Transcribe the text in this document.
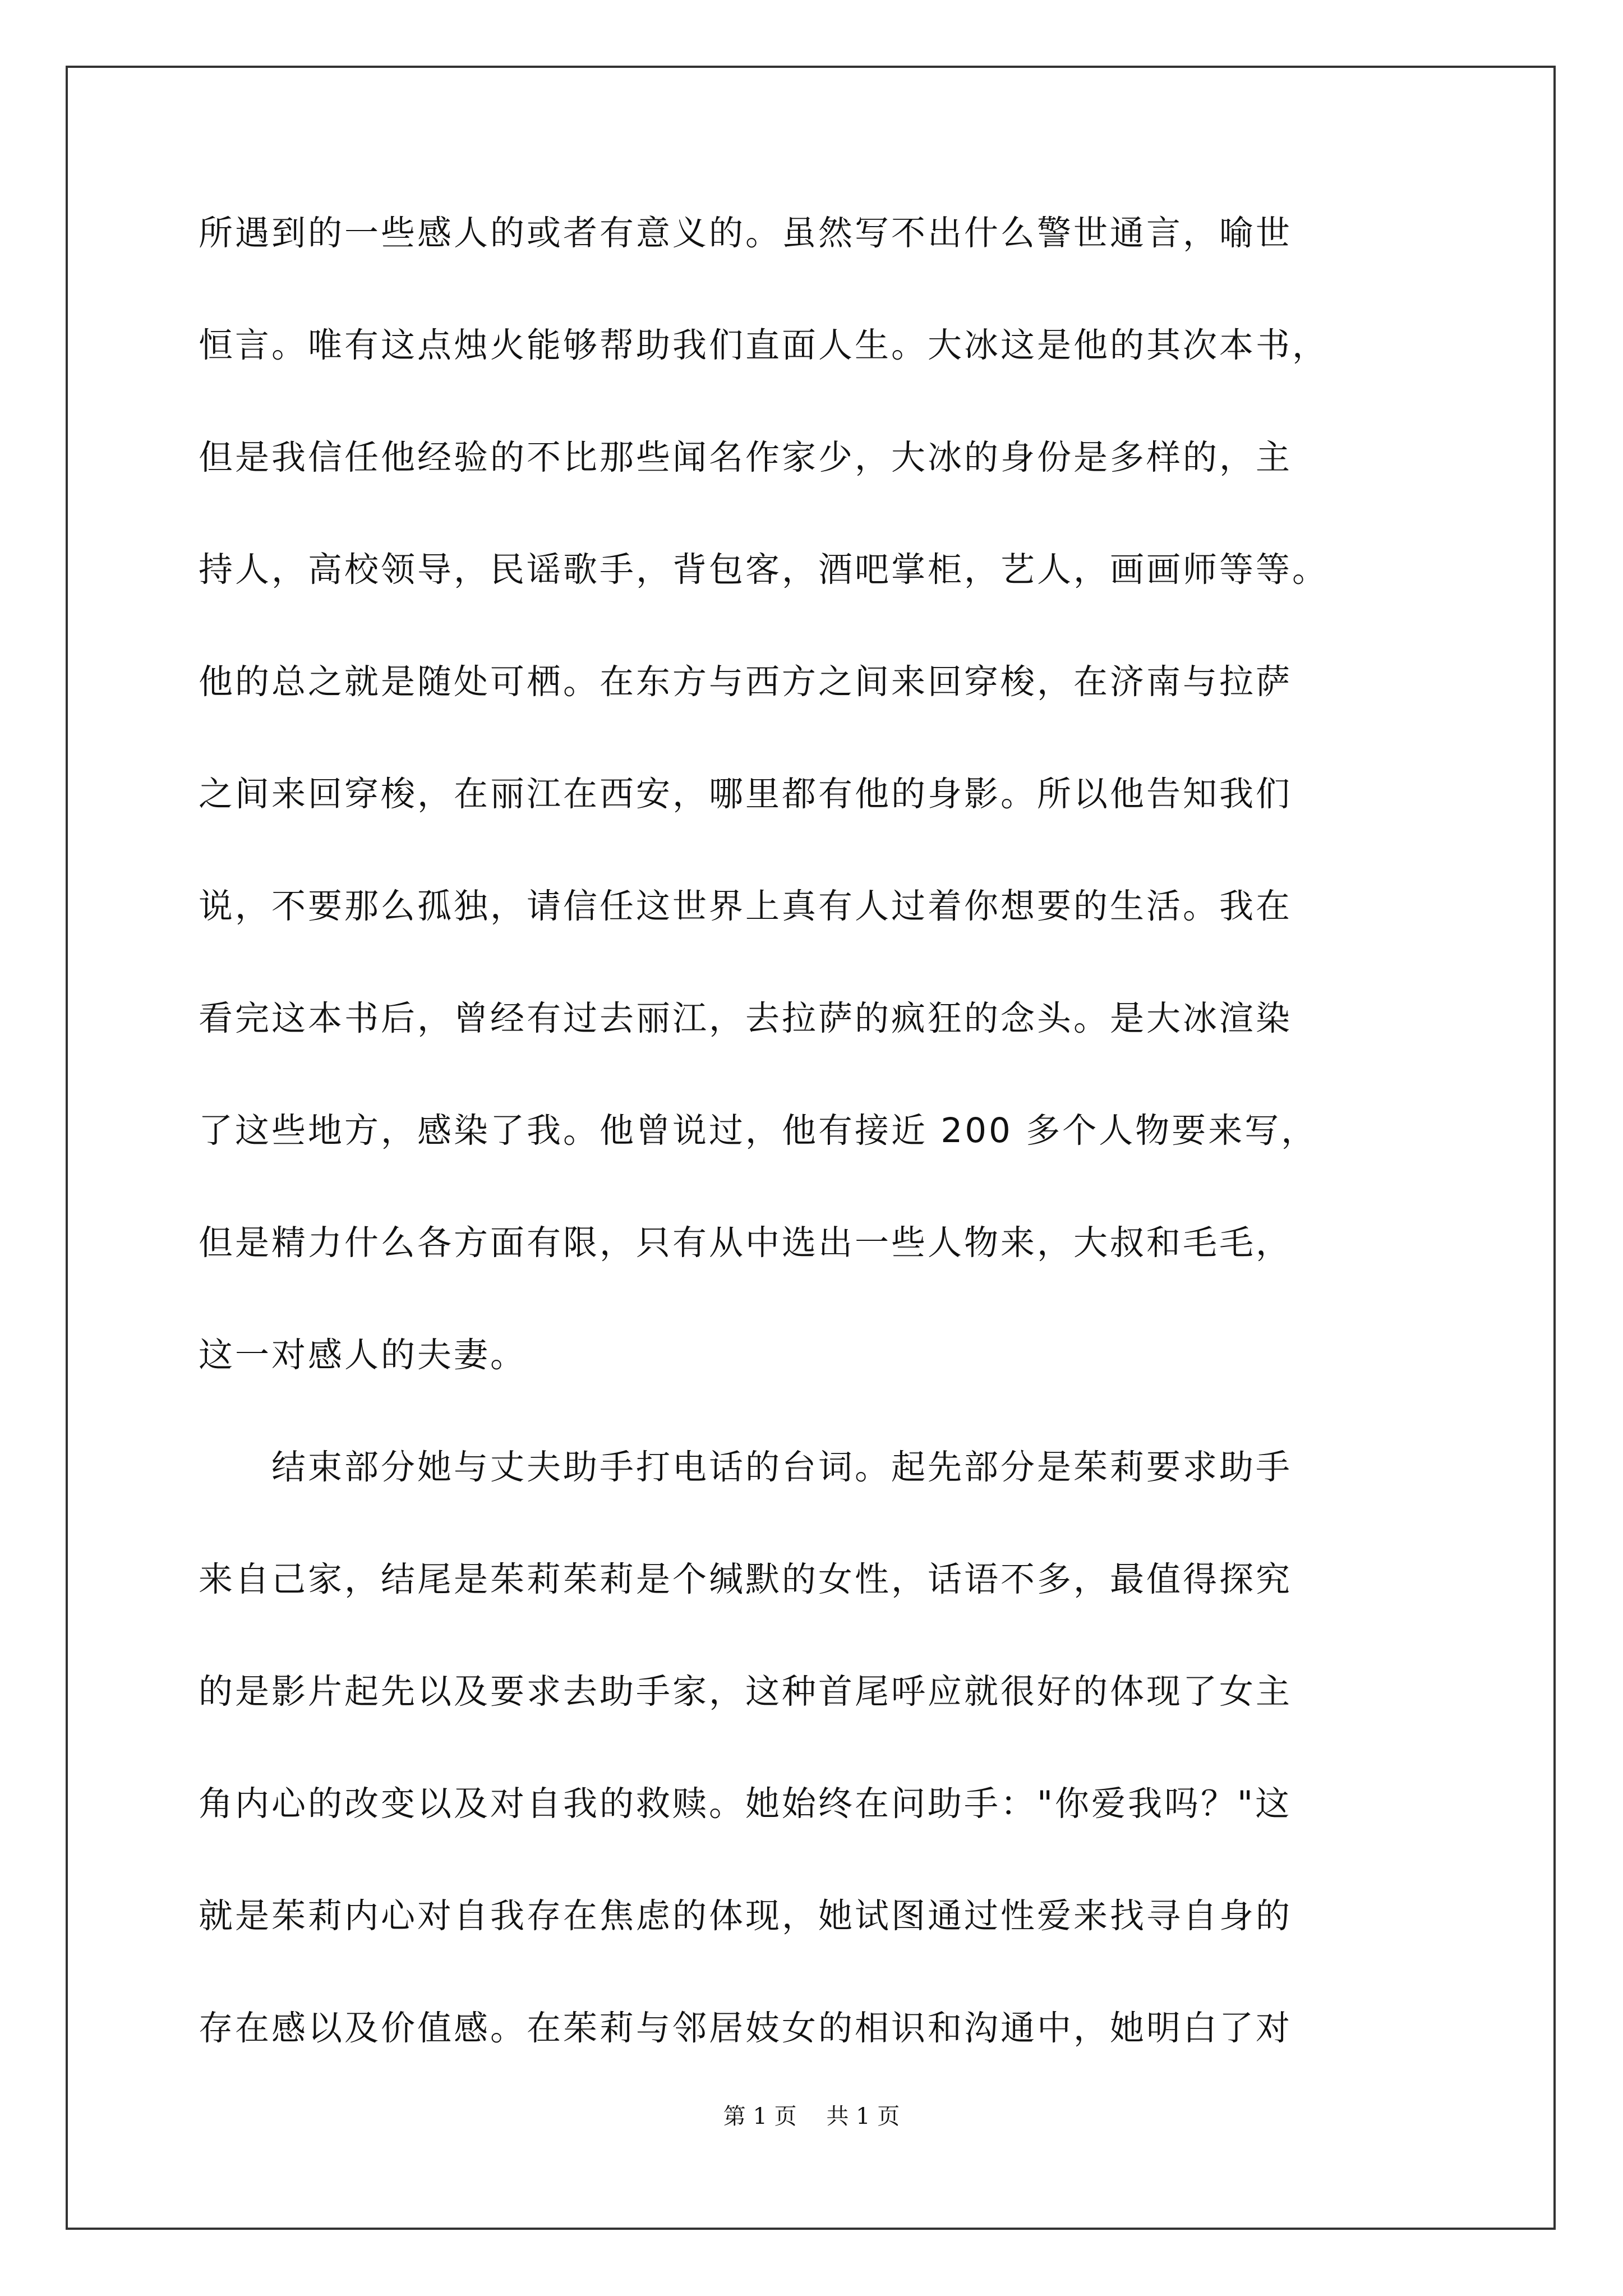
所遇到的一些感人的或者有意义的。虽然写不出什么警世通言，喻世
恒言。唯有这点烛火能够帮助我们直面人生。大冰这是他的其次本书，
但是我信任他经验的不比那些闻名作家少，大冰的身份是多样的，主
持人，高校领导，民谣歌手，背包客，酒吧掌柜，艺人，画画师等等。
他的总之就是随处可栖。在东方与西方之间来回穿梭，在济南与拉萨
之间来回穿梭，在丽江在西安，哪里都有他的身影。所以他告知我们
说，不要那么孤独，请信任这世界上真有人过着你想要的生活。我在
看完这本书后，曾经有过去丽江，去拉萨的疯狂的念头。是大冰渲染
了这些地方，感染了我。他曾说过，他有接近 200 多个人物要来写，
但是精力什么各方面有限，只有从中选出一些人物来，大叔和毛毛，
这一对感人的夫妻。
结束部分她与丈夫助手打电话的台词。起先部分是茱莉要求助手
来自己家，结尾是茱莉茱莉是个缄默的女性，话语不多，最值得探究
的是影片起先以及要求去助手家，这种首尾呼应就很好的体现了女主
角内心的改变以及对自我的救赎。她始终在问助手："你爱我吗？"这
就是茱莉内心对自我存在焦虑的体现，她试图通过性爱来找寻自身的
存在感以及价值感。在茱莉与邻居妓女的相识和沟通中，她明白了对
第 1 页 共 1 页
